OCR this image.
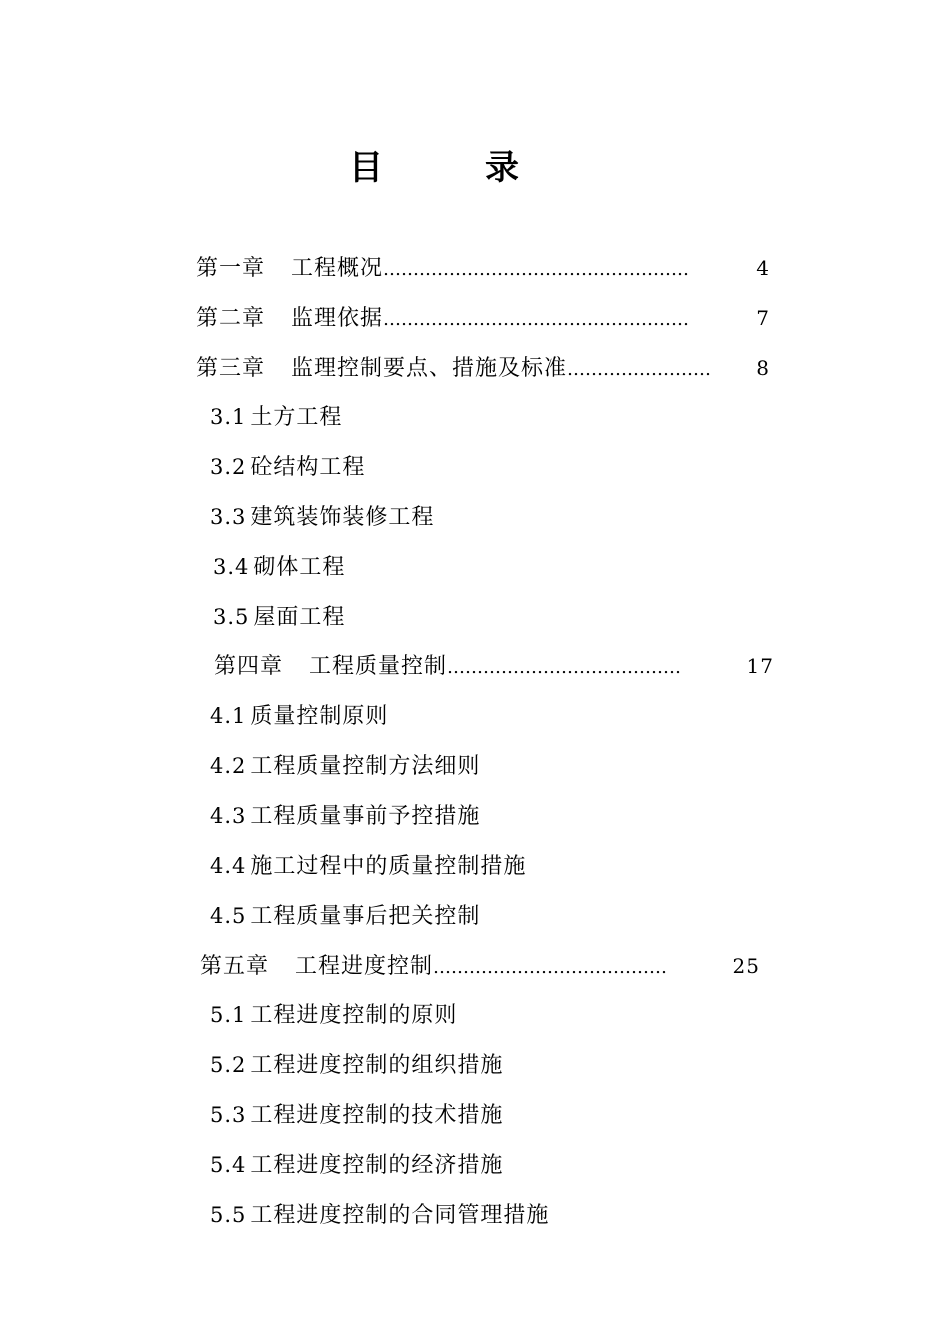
目	录
第一章 工程概况 ……………………………………………	4
第二章 监理依据 ……………………………………………	7
第三章 监理控制要点、措施及标准 ……………………	8
3.1 土方工程
3.2 砼结构工程
3.3 建筑装饰装修工程
3.4 砌体工程
3.5 屋面工程
第四章 工程质量控制 …………………………………	17
4.1 质量控制原则
4.2 工程质量控制方法细则
4.3 工程质量事前予控措施
4.4 施工过程中的质量控制措施
4.5 工程质量事后把关控制
第五章 工程进度控制 …………………………………	25
5.1 工程进度控制的原则
5.2 工程进度控制的组织措施
5.3 工程进度控制的技术措施
5.4 工程进度控制的经济措施
5.5 工程进度控制的合同管理措施
